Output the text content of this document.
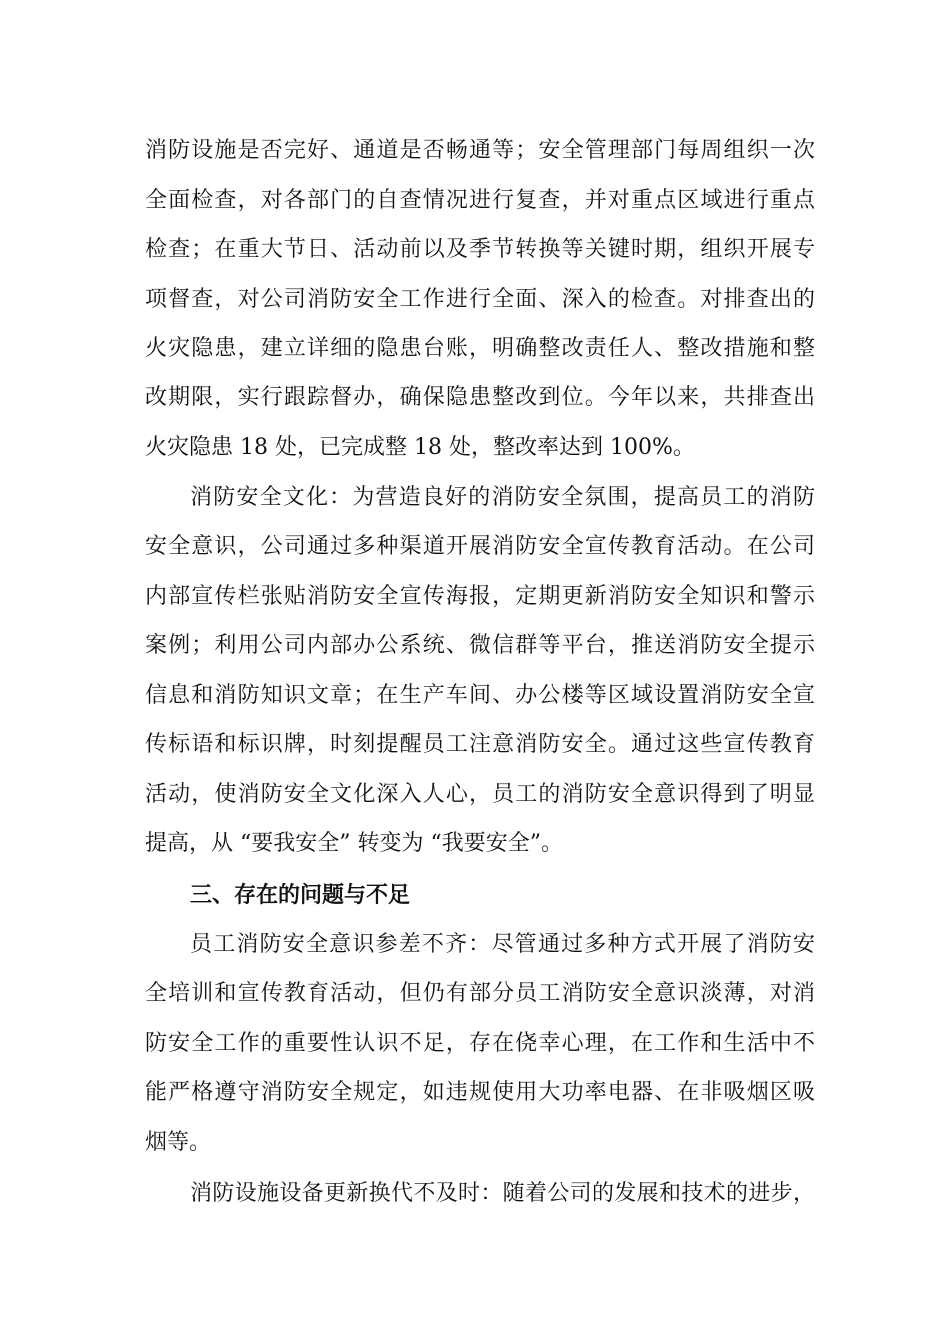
消防设施是否完好、通道是否畅通等；安全管理部门每周组织一次
全面检查，对各部门的自查情况进行复查，并对重点区域进行重点
检查；在重大节日、活动前以及季节转换等关键时期，组织开展专
项督查，对公司消防安全工作进行全面、深入的检查。对排查出的
火灾隐患，建立详细的隐患台账，明确整改责任人、整改措施和整
改期限，实行跟踪督办，确保隐患整改到位。今年以来，共排查出
火灾隐患 18 处，已完成整 18 处，整改率达到 100%。
消防安全文化：为营造良好的消防安全氛围，提高员工的消防
安全意识，公司通过多种渠道开展消防安全宣传教育活动。在公司
内部宣传栏张贴消防安全宣传海报，定期更新消防安全知识和警示
案例；利用公司内部办公系统、微信群等平台，推送消防安全提示
信息和消防知识文章；在生产车间、办公楼等区域设置消防安全宣
传标语和标识牌，时刻提醒员工注意消防安全。通过这些宣传教育
活动，使消防安全文化深入人心，员工的消防安全意识得到了明显
提高，从 “要我安全” 转变为 “我要安全”。
三、存在的问题与不足
员工消防安全意识参差不齐：尽管通过多种方式开展了消防安
全培训和宣传教育活动，但仍有部分员工消防安全意识淡薄，对消
防安全工作的重要性认识不足，存在侥幸心理，在工作和生活中不
能严格遵守消防安全规定，如违规使用大功率电器、在非吸烟区吸
烟等。
消防设施设备更新换代不及时：随着公司的发展和技术的进步，
